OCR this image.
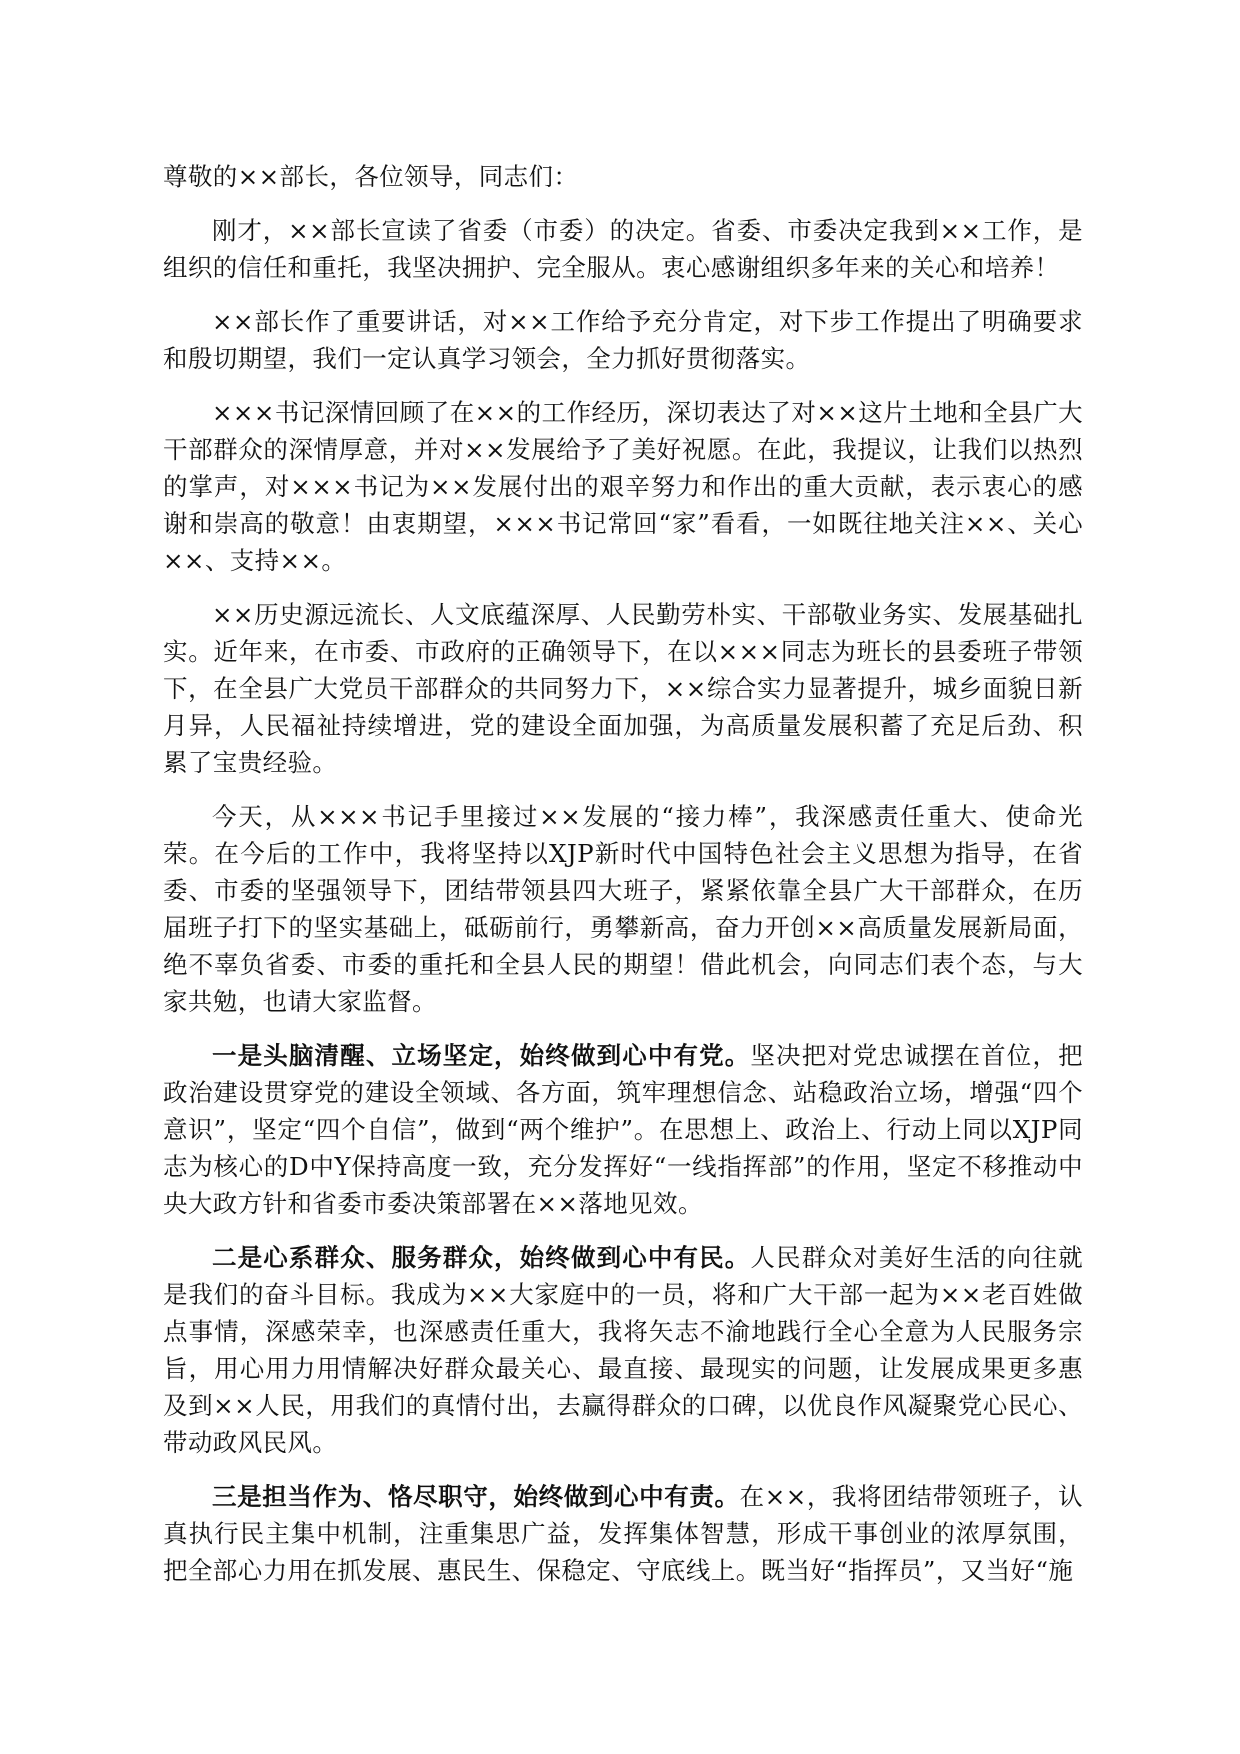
尊敬的××部长，各位领导，同志们：

刚才，××部长宣读了省委（市委）的决定。省委、市委决定我到××工作，是组织的信任和重托，我坚决拥护、完全服从。衷心感谢组织多年来的关心和培养！

××部长作了重要讲话，对××工作给予充分肯定，对下步工作提出了明确要求和殷切期望，我们一定认真学习领会，全力抓好贯彻落实。

×××书记深情回顾了在××的工作经历，深切表达了对××这片土地和全县广大干部群众的深情厚意，并对××发展给予了美好祝愿。在此，我提议，让我们以热烈的掌声，对×××书记为××发展付出的艰辛努力和作出的重大贡献，表示衷心的感谢和崇高的敬意！由衷期望，×××书记常回“家”看看，一如既往地关注××、关心××、支持××。

××历史源远流长、人文底蕴深厚、人民勤劳朴实、干部敬业务实、发展基础扎实。近年来，在市委、市政府的正确领导下，在以×××同志为班长的县委班子带领下，在全县广大党员干部群众的共同努力下，××综合实力显著提升，城乡面貌日新月异，人民福祉持续增进，党的建设全面加强，为高质量发展积蓄了充足后劲、积累了宝贵经验。

今天，从×××书记手里接过××发展的“接力棒”，我深感责任重大、使命光荣。在今后的工作中，我将坚持以XJP新时代中国特色社会主义思想为指导，在省委、市委的坚强领导下，团结带领县四大班子，紧紧依靠全县广大干部群众，在历届班子打下的坚实基础上，砥砺前行，勇攀新高，奋力开创××高质量发展新局面，绝不辜负省委、市委的重托和全县人民的期望！借此机会，向同志们表个态，与大家共勉，也请大家监督。

一是头脑清醒、立场坚定，始终做到心中有党。坚决把对党忠诚摆在首位，把政治建设贯穿党的建设全领域、各方面，筑牢理想信念、站稳政治立场，增强“四个意识”，坚定“四个自信”，做到“两个维护”。在思想上、政治上、行动上同以XJP同志为核心的D中Y保持高度一致，充分发挥好“一线指挥部”的作用，坚定不移推动中央大政方针和省委市委决策部署在××落地见效。

二是心系群众、服务群众，始终做到心中有民。人民群众对美好生活的向往就是我们的奋斗目标。我成为××大家庭中的一员，将和广大干部一起为××老百姓做点事情，深感荣幸，也深感责任重大，我将矢志不渝地践行全心全意为人民服务宗旨，用心用力用情解决好群众最关心、最直接、最现实的问题，让发展成果更多惠及到××人民，用我们的真情付出，去赢得群众的口碑，以优良作风凝聚党心民心、带动政风民风。

三是担当作为、恪尽职守，始终做到心中有责。在××，我将团结带领班子，认真执行民主集中机制，注重集思广益，发挥集体智慧，形成干事创业的浓厚氛围，把全部心力用在抓发展、惠民生、保稳定、守底线上。既当好“指挥员”，又当好“施
